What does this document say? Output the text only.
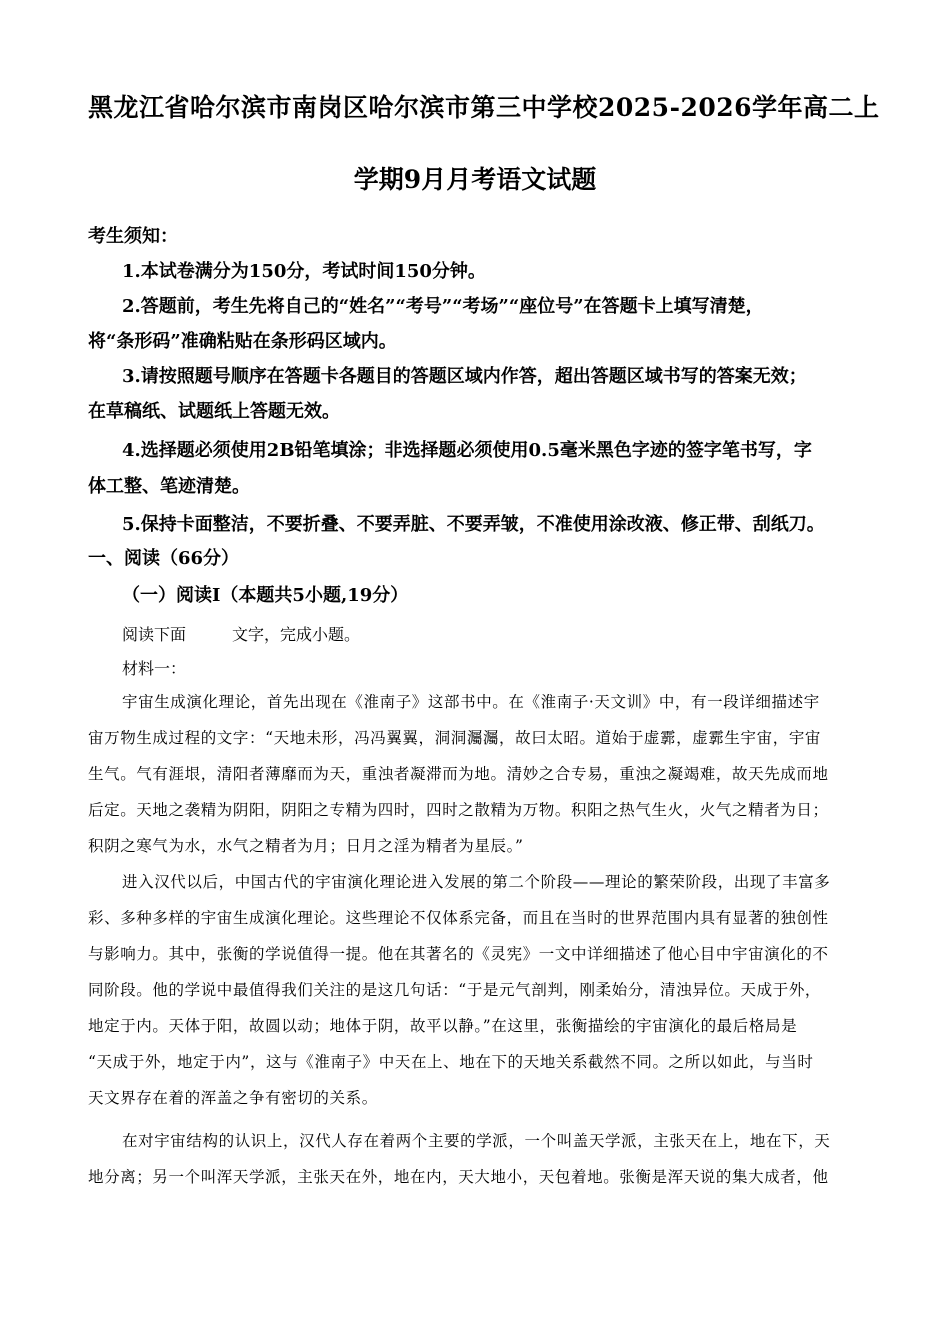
黑龙江省哈尔滨市南岗区哈尔滨市第三中学校2025-2026学年高二上
学期9月月考语文试题
考生须知：
1.本试卷满分为150分，考试时间150分钟。
2.答题前，考生先将自己的“姓名”“考号”“考场”“座位号”在答题卡上填写清楚，
将“条形码”准确粘贴在条形码区域内。
3.请按照题号顺序在答题卡各题目的答题区域内作答，超出答题区域书写的答案无效；
在草稿纸、试题纸上答题无效。
4.选择题必须使用2B铅笔填涂；非选择题必须使用0.5毫米黑色字迹的签字笔书写，字
体工整、笔迹清楚。
5.保持卡面整洁，不要折叠、不要弄脏、不要弄皱，不准使用涂改液、修正带、刮纸刀。
一、阅读（66分）
（一）阅读Ⅰ（本题共5小题,19分）
阅读下面	文字，完成小题。
材料一：
宇宙生成演化理论，首先出现在《淮南子》这部书中。在《淮南子·天文训》中，有一段详细描述宇
宙万物生成过程的文字：“天地未形，冯冯翼翼，洞洞灟灟，故曰太昭。道始于虚霩，虚霩生宇宙，宇宙
生气。气有涯垠，清阳者薄靡而为天，重浊者凝滞而为地。清妙之合专易，重浊之凝竭难，故天先成而地
后定。天地之袭精为阴阳，阴阳之专精为四时，四时之散精为万物。积阳之热气生火，火气之精者为日；
积阴之寒气为水，水气之精者为月；日月之淫为精者为星辰。”
进入汉代以后，中国古代的宇宙演化理论进入发展的第二个阶段——理论的繁荣阶段，出现了丰富多
彩、多种多样的宇宙生成演化理论。这些理论不仅体系完备，而且在当时的世界范围内具有显著的独创性
与影响力。其中，张衡的学说值得一提。他在其著名的《灵宪》一文中详细描述了他心目中宇宙演化的不
同阶段。他的学说中最值得我们关注的是这几句话：“于是元气剖判，刚柔始分，清浊异位。天成于外，
地定于内。天体于阳，故圆以动；地体于阴，故平以静。”在这里，张衡描绘的宇宙演化的最后格局是
“天成于外，地定于内”，这与《淮南子》中天在上、地在下的天地关系截然不同。之所以如此，与当时
天文界存在着的浑盖之争有密切的关系。
在对宇宙结构的认识上，汉代人存在着两个主要的学派，一个叫盖天学派，主张天在上，地在下，天
地分离；另一个叫浑天学派，主张天在外，地在内，天大地小，天包着地。张衡是浑天说的集大成者，他
